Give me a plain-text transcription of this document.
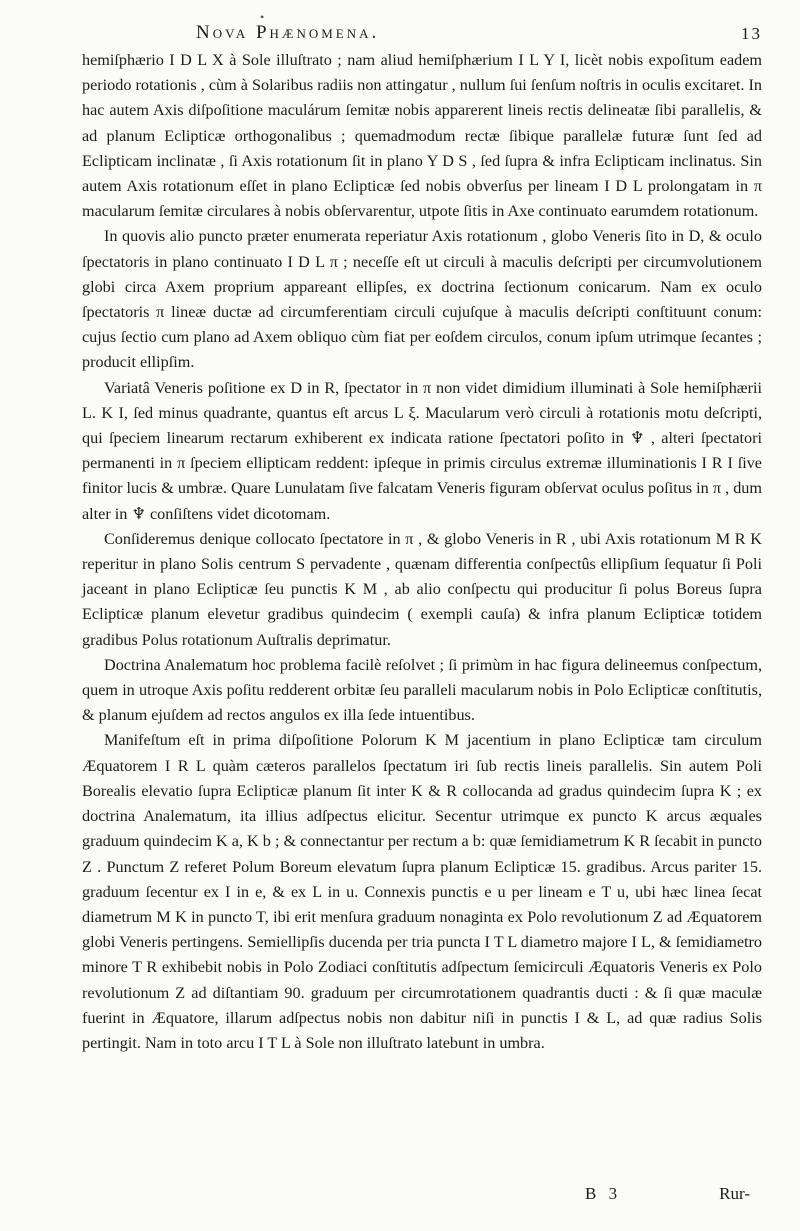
•
Nova Phænomena.	13

hemiſphærio I D L X à Sole illuſtrato ; nam aliud hemiſphærium I L Y I, licèt nobis expoſitum eadem periodo rotationis , cùm à Solaribus radiis non attingatur , nullum ſui ſenſum noſtris in oculis excitaret. In hac autem Axis diſpoſitione maculárum ſemitæ nobis apparerent lineis rectis delineatæ ſibi parallelis, & ad planum Eclipticæ orthogonalibus ; quemadmodum rectæ ſibique parallelæ futuræ ſunt ſed ad Eclipticam inclinatæ , ſi Axis rotationum ſit in plano Y D S , ſed ſupra & infra Eclipticam inclinatus. Sin autem Axis rotationum eſſet in plano Eclipticæ ſed nobis obverſus per lineam I D L prolongatam in π macularum ſemitæ circulares à nobis obſervarentur, utpote ſitis in Axe continuato earumdem rotationum.

In quovis alio puncto præter enumerata reperiatur Axis rotationum , globo Veneris ſito in D, & oculo ſpectatoris in plano continuato I D L π ; neceſſe eſt ut circuli à maculis deſcripti per circumvolutionem globi circa Axem proprium appareant ellipſes, ex doctrina ſectionum conicarum. Nam ex oculo ſpectatoris π lineæ ductæ ad circumferentiam circuli cujuſque à maculis deſcripti conſtituunt conum: cujus ſectio cum plano ad Axem obliquo cùm fiat per eoſdem circulos, conum ipſum utrimque ſecantes ; producit ellipſim.

Variatâ Veneris poſitione ex D in R, ſpectator in π non videt dimidium illuminati à Sole hemiſphærii L. K I, ſed minus quadrante, quantus eſt arcus L ξ. Macularum verò circuli à rotationis motu deſcripti, qui ſpeciem linearum rectarum exhiberent ex indicata ratione ſpectatori poſito in ♆ , alteri ſpectatori permanenti in π ſpeciem ellipticam reddent: ipſeque in primis circulus extremæ illuminationis I R I ſive finitor lucis & umbræ. Quare Lunulatam ſive falcatam Veneris figuram obſervat oculus poſitus in π , dum alter in ♆ conſiſtens videt dicotomam.

Conſideremus denique collocato ſpectatore in π , & globo Veneris in R , ubi Axis rotationum M R K reperitur in plano Solis centrum S pervadente , quænam differentia conſpectûs ellipſium ſequatur ſi Poli jaceant in plano Eclipticæ ſeu punctis K M , ab alio conſpectu qui producitur ſi polus Boreus ſupra Eclipticæ planum elevetur gradibus quindecim ( exempli cauſa) & infra planum Eclipticæ totidem gradibus Polus rotationum Auſtralis deprimatur.

Doctrina Analematum hoc problema facilè reſolvet ; ſi primùm in hac figura delineemus conſpectum, quem in utroque Axis poſitu redderent orbitæ ſeu paralleli macularum nobis in Polo Eclipticæ conſtitutis, & planum ejuſdem ad rectos angulos ex illa ſede intuentibus.

Manifeſtum eſt in prima diſpoſitione Polorum K M jacentium in plano Eclipticæ tam circulum Æquatorem I R L quàm cæteros parallelos ſpectatum iri ſub rectis lineis parallelis. Sin autem Poli Borealis elevatio ſupra Eclipticæ planum ſit inter K & R collocanda ad gradus quindecim ſupra K ; ex doctrina Analematum, ita illius adſpectus elicitur. Secentur utrimque ex puncto K arcus æquales graduum quindecim K a, K b ; & connectantur per rectum a b: quæ ſemidiametrum K R ſecabit in puncto Z . Punctum Z referet Polum Boreum elevatum ſupra planum Eclipticæ 15. gradibus. Arcus pariter 15. graduum ſecentur ex I in e, & ex L in u. Connexis punctis e u per lineam e T u, ubi hæc linea ſecat diametrum M K in puncto T, ibi erit menſura graduum nonaginta ex Polo revolutionum Z ad Æquatorem globi Veneris pertingens. Semiellipſis ducenda per tria puncta I T L diametro majore I L, & ſemidiametro minore T R exhibebit nobis in Polo Zodiaci conſtitutis adſpectum ſemicirculi Æquatoris Veneris ex Polo revolutionum Z ad diſtantiam 90. graduum per circumrotationem quadrantis ducti : & ſi quæ maculæ fuerint in Æquatore, illarum adſpectus nobis non dabitur niſi in punctis I & L, ad quæ radius Solis pertingit. Nam in toto arcu I T L à Sole non illuſtrato latebunt in umbra.

B 3	Rur-
